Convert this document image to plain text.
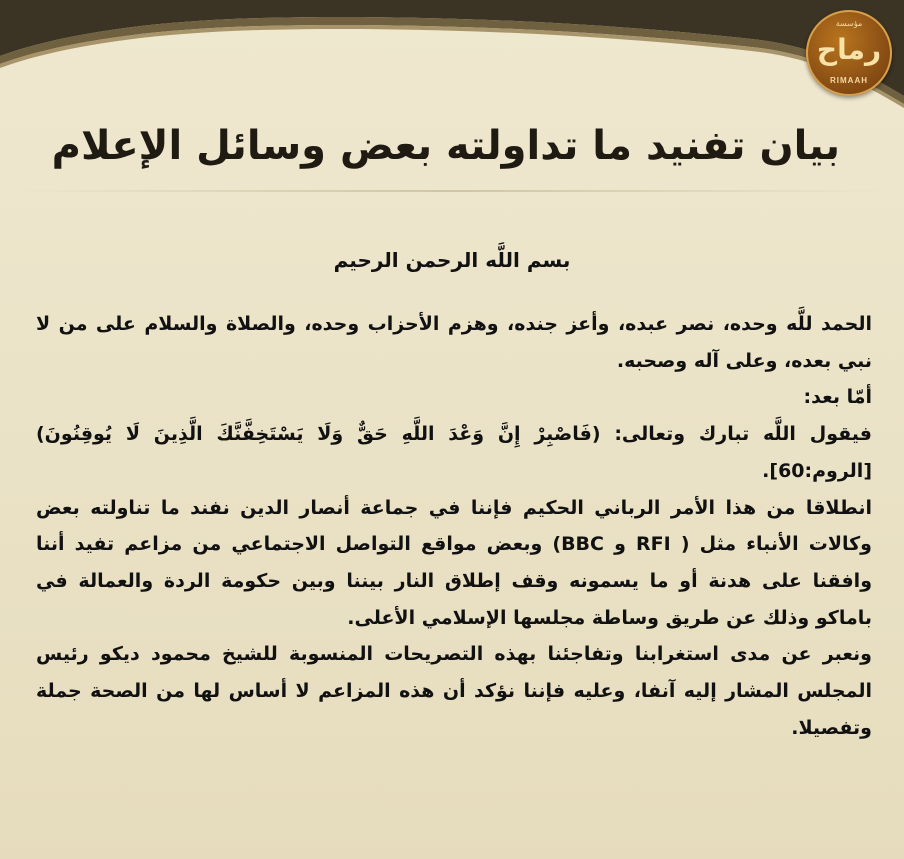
مؤسسة
رماح
RIMAAH
بيان تفنيد ما تداولته بعض وسائل الإعلام
بسم اللَّه الرحمن الرحيم

الحمد للَّه وحده، نصر عبده، وأعز جنده، وهزم الأحزاب وحده، والصلاة والسلام على من لا نبي بعده، وعلى آله وصحبه.

أمّا بعد:

فيقول اللَّه تبارك وتعالى: (فَاصْبِرْ إِنَّ وَعْدَ اللَّهِ حَقٌّ وَلَا يَسْتَخِفَّنَّكَ الَّذِينَ لَا يُوقِنُونَ)[الروم:60].

انطلاقا من هذا الأمر الرباني الحكيم فإننا في جماعة أنصار الدين نفند ما تناولته بعض وكالات الأنباء مثل ( RFI و BBC) وبعض مواقع التواصل الاجتماعي من مزاعم تفيد أننا وافقنا على هدنة أو ما يسمونه وقف إطلاق النار بيننا وبين حكومة الردة والعمالة في باماكو وذلك عن طريق وساطة مجلسها الإسلامي الأعلى.

ونعبر عن مدى استغرابنا وتفاجئنا بهذه التصريحات المنسوبة للشيخ محمود ديكو رئيس المجلس المشار إليه آنفا، وعليه فإننا نؤكد أن هذه المزاعم لا أساس لها من الصحة جملة وتفصيلا.
